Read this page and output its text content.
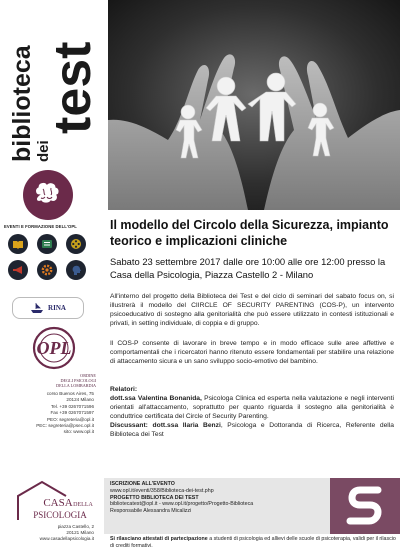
biblioteca dei
test
EVENTI E FORMAZIONE DELL'OPL
RINA
OPL
ORDINE
DEGLI PSICOLOGI
DELLA LOMBARDIA
corso Buenos Aires, 75
20124 Milano
Tel. +39 0267071596
Fax +39 0267071597
PEO: segreteria@opl.it
PEC: segreteria@psec.opl.it
sito: www.opl.it
CASA DELLA
PSICOLOGIA
piazza Castello, 2
20121 Milano
www.casadellapsicologia.it
Il modello del Circolo della Sicurezza, impianto teorico e implicazioni cliniche
Sabato 23 settembre 2017 dalle ore 10:00 alle ore 12:00 presso la Casa della Psicologia, Piazza Castello 2 - Milano
All'interno del progetto della Biblioteca dei Test e del ciclo di seminari del sabato focus on, si illustrerà il modello del CIIRCLE OF SECURITY PARENTING (COS-P), un intervento psicoeducativo di sostegno alla genitorialità che può essere utilizzato in contesti istituzionali e privati, in setting individuale, di coppia e di gruppo.
Il COS-P consente di lavorare in breve tempo e in modo efficace sulle aree affettive e comportamentali che i ricercatori hanno ritenuto essere fondamentali per stabilire una relazione di attaccamento sicura e un sano sviluppo socio-emotivo del bambino.
Relatori:
dott.ssa Valentina Bonanida, Psicologa Clinica ed esperta nella valutazione e negli interventi orientati all'attaccamento, soprattutto per quanto riguarda il sostegno alla genitorialità è conduttrice certificata del Circle of Security Parenting.
Discussant: dott.ssa Ilaria Benzi, Psicologa e Dottoranda di Ricerca, Referente della Biblioteca dei Test
ISCRIZIONE ALL'EVENTO
www.opl.it/eventi/358/Biblioteca-dei-test.php
PROGETTO BIBLIOTECA DEI TEST
bibliotecatest@opl.it - www.opl.it/progetto/Progetto-Biblioteca
Responsabile Alessandra Micalizzi
Si rilasciano attestati di partecipazione a studenti di psicologia ed allievi delle scuole di psicoterapia, validi per il rilascio di crediti formativi.
